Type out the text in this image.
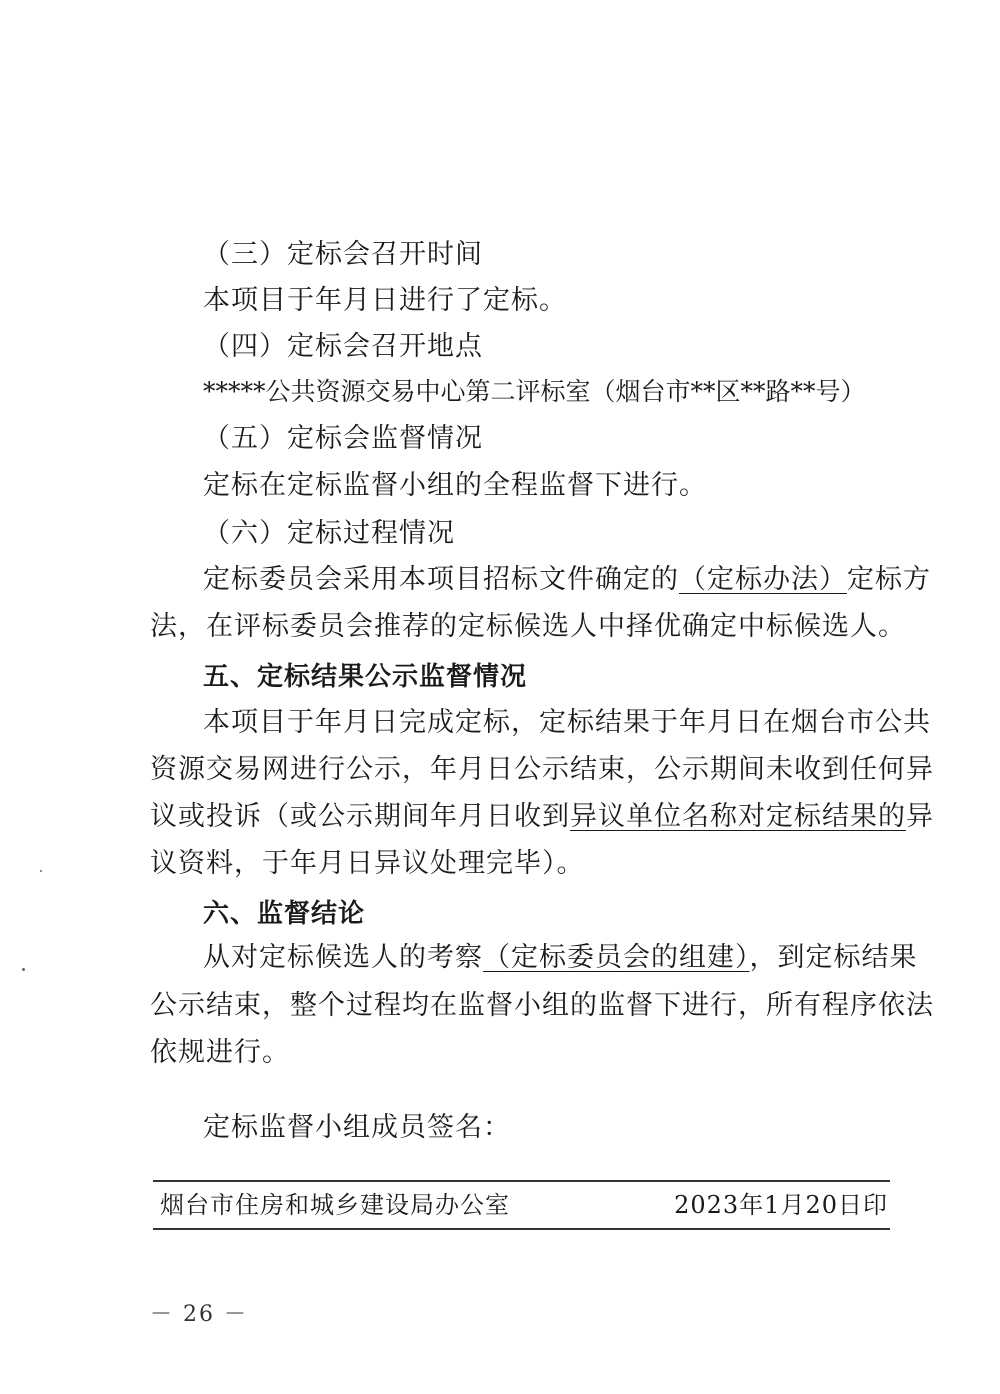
（三）定标会召开时间
本项目于年月日进行了定标。
（四）定标会召开地点
*****公共资源交易中心第二评标室（烟台市**区**路**号）
（五）定标会监督情况
定标在定标监督小组的全程监督下进行。
（六）定标过程情况
定标委员会采用本项目招标文件确定的（定标办法）定标方
法，在评标委员会推荐的定标候选人中择优确定中标候选人。
五、定标结果公示监督情况
本项目于年月日完成定标，定标结果于年月日在烟台市公共
资源交易网进行公示，年月日公示结束，公示期间未收到任何异
议或投诉（或公示期间年月日收到异议单位名称对定标结果的异
议资料，于年月日异议处理完毕）。
六、监督结论
从对定标候选人的考察（定标委员会的组建），到定标结果
公示结束，整个过程均在监督小组的监督下进行，所有程序依法
依规进行。
定标监督小组成员签名：
烟台市住房和城乡建设局办公室	2023年1月20日印
－ 26 －
